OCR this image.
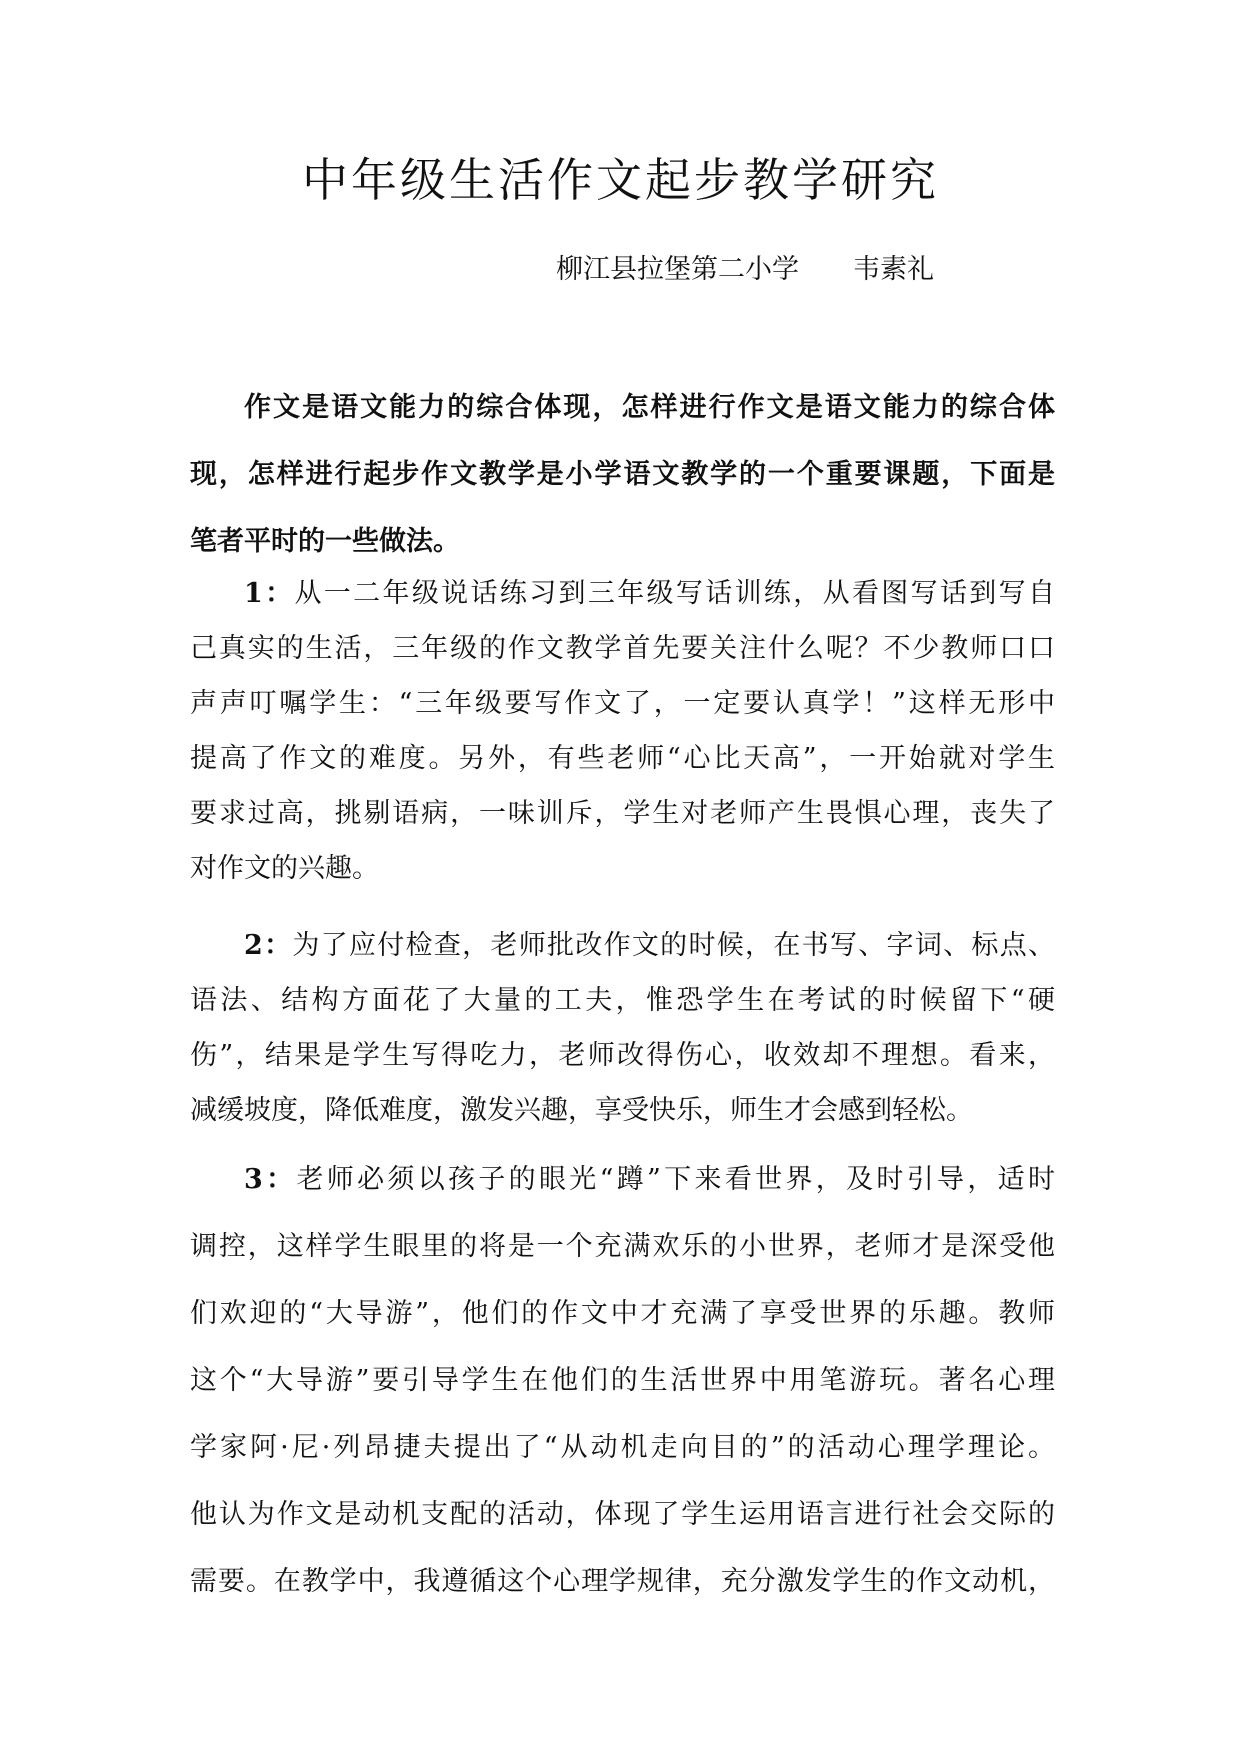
中年级生活作文起步教学研究
柳江县拉堡第二小学 韦素礼
作文是语文能力的综合体现，怎样进行作文是语文能力的综合体
现，怎样进行起步作文教学是小学语文教学的一个重要课题，下面是
笔者平时的一些做法。
1：从一二年级说话练习到三年级写话训练，从看图写话到写自
己真实的生活，三年级的作文教学首先要关注什么呢？不少教师口口
声声叮嘱学生：“三年级要写作文了，一定要认真学！”这样无形中
提高了作文的难度。另外，有些老师“心比天高”，一开始就对学生
要求过高，挑剔语病，一味训斥，学生对老师产生畏惧心理，丧失了
对作文的兴趣。
2：为了应付检查，老师批改作文的时候，在书写、字词、标点、
语法、结构方面花了大量的工夫，惟恐学生在考试的时候留下“硬
伤”，结果是学生写得吃力，老师改得伤心，收效却不理想。看来，
减缓坡度，降低难度，激发兴趣，享受快乐，师生才会感到轻松。
3：老师必须以孩子的眼光“蹲”下来看世界，及时引导，适时
调控，这样学生眼里的将是一个充满欢乐的小世界，老师才是深受他
们欢迎的“大导游”，他们的作文中才充满了享受世界的乐趣。教师
这个“大导游”要引导学生在他们的生活世界中用笔游玩。著名心理
学家阿·尼·列昂捷夫提出了“从动机走向目的”的活动心理学理论。
他认为作文是动机支配的活动，体现了学生运用语言进行社会交际的
需要。在教学中，我遵循这个心理学规律，充分激发学生的作文动机，
